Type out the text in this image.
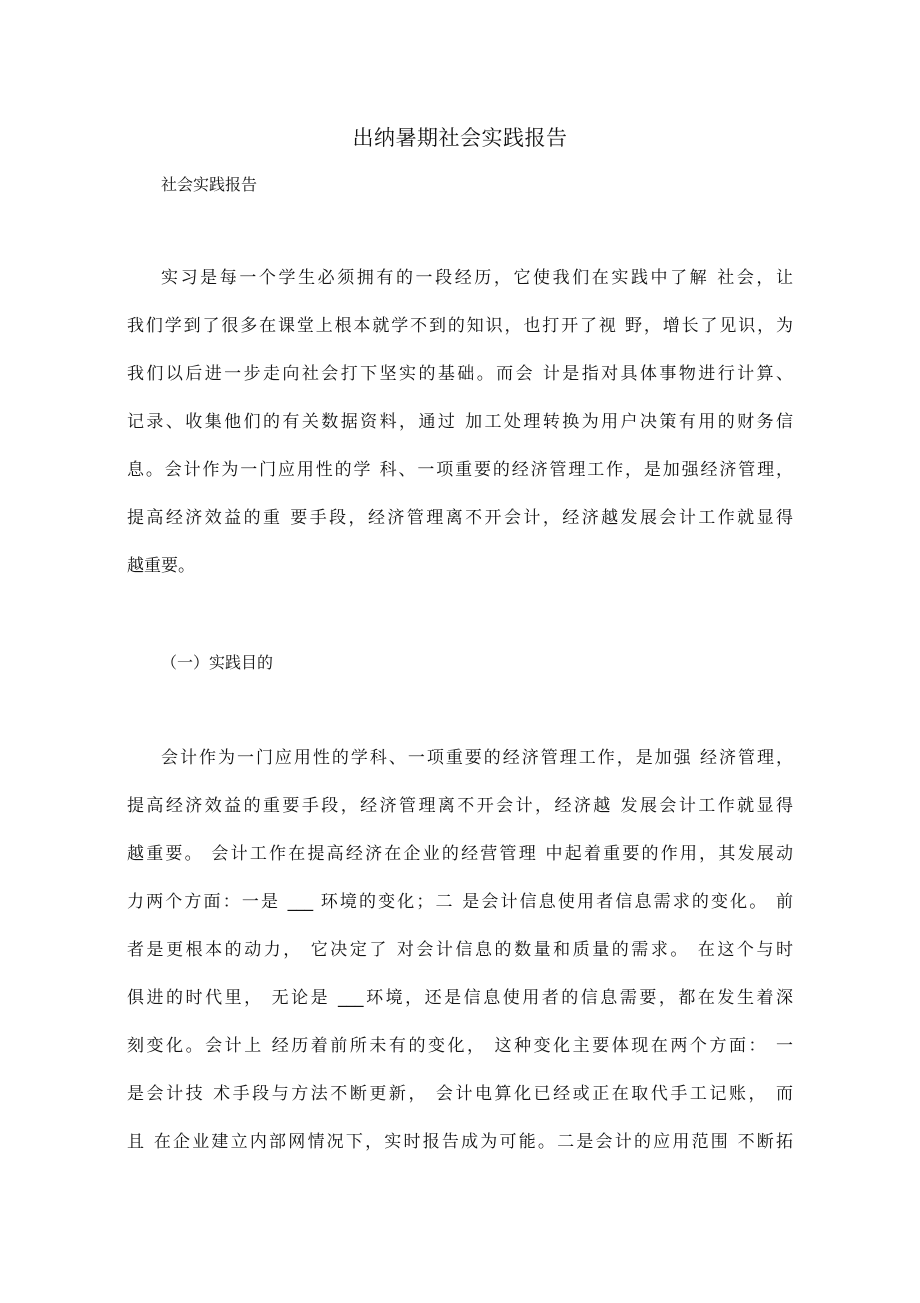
出纳暑期社会实践报告
社会实践报告
实习是每一个学生必须拥有的一段经历，它使我们在实践中了解 社会，让
我们学到了很多在课堂上根本就学不到的知识，也打开了视 野，增长了见识，为
我们以后进一步走向社会打下坚实的基础。而会 计是指对具体事物进行计算、
记录、收集他们的有关数据资料，通过 加工处理转换为用户决策有用的财务信
息。会计作为一门应用性的学 科、一项重要的经济管理工作，是加强经济管理，
提高经济效益的重 要手段，经济管理离不开会计，经济越发展会计工作就显得
越重要。
（一）实践目的
会计作为一门应用性的学科、一项重要的经济管理工作，是加强 经济管理，
提高经济效益的重要手段，经济管理离不开会计，经济越 发展会计工作就显得
越重要。 会计工作在提高经济在企业的经营管理 中起着重要的作用，其发展动
力两个方面：一是 ___ 环境的变化；二 是会计信息使用者信息需求的变化。 前
者是更根本的动力， 它决定了 对会计信息的数量和质量的需求。 在这个与时
俱进的时代里， 无论是 ___环境，还是信息使用者的信息需要，都在发生着深
刻变化。会计上 经历着前所未有的变化， 这种变化主要体现在两个方面： 一
是会计技 术手段与方法不断更新， 会计电算化已经或正在取代手工记账， 而
且 在企业建立内部网情况下，实时报告成为可能。二是会计的应用范围 不断拓
